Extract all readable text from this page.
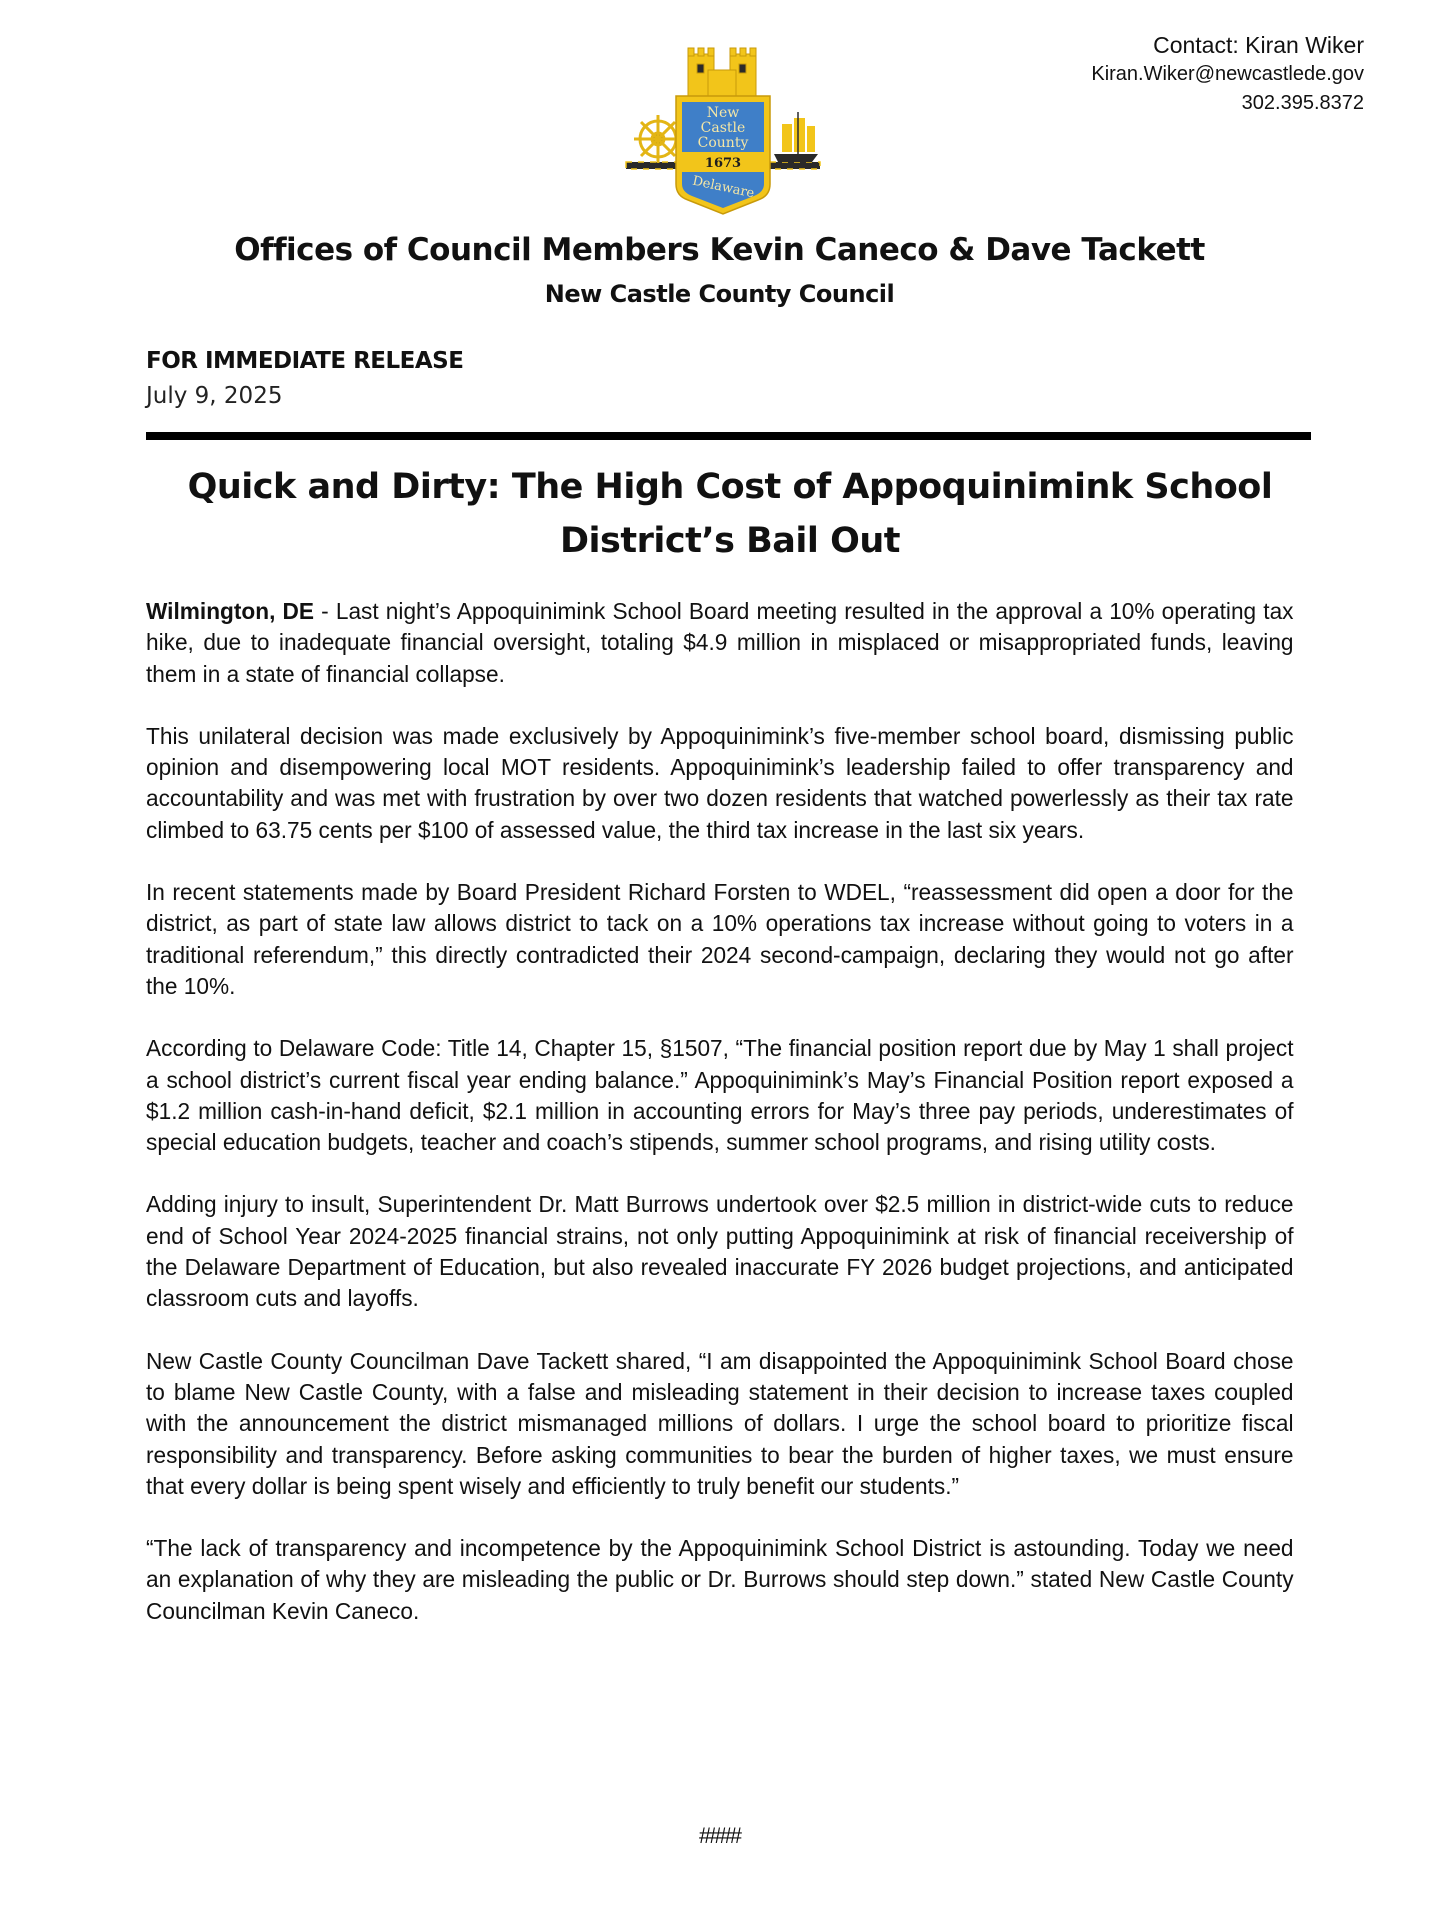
Contact: Kiran Wiker
Kiran.Wiker@newcastlede.gov
302.395.8372
New
Castle
County
1673
Delaware
Offices of Council Members Kevin Caneco & Dave Tackett
New Castle County Council
FOR IMMEDIATE RELEASE
July 9, 2025
Quick and Dirty: The High Cost of Appoquinimink School
District’s Bail Out

Wilmington, DE - Last night’s Appoquinimink School Board meeting resulted in the approval a 10% operating tax hike, due to inadequate financial oversight, totaling $4.9 million in misplaced or misappropriated funds, leaving them in a state of financial collapse.

This unilateral decision was made exclusively by Appoquinimink’s five-member school board, dismissing public opinion and disempowering local MOT residents. Appoquinimink’s leadership failed to offer transparency and accountability and was met with frustration by over two dozen residents that watched powerlessly as their tax rate climbed to 63.75 cents per $100 of assessed value, the third tax increase in the last six years.

In recent statements made by Board President Richard Forsten to WDEL, “reassessment did open a door for the district, as part of state law allows district to tack on a 10% operations tax increase without going to voters in a traditional referendum,” this directly contradicted their 2024 second-campaign, declaring they would not go after the 10%.

According to Delaware Code: Title 14, Chapter 15, §1507, “The financial position report due by May 1 shall project a school district’s current fiscal year ending balance.” Appoquinimink’s May’s Financial Position report exposed a $1.2 million cash-in-hand deficit, $2.1 million in accounting errors for May’s three pay periods, underestimates of special education budgets, teacher and coach’s stipends, summer school programs, and rising utility costs.

Adding injury to insult, Superintendent Dr. Matt Burrows undertook over $2.5 million in district-wide cuts to reduce end of School Year 2024-2025 financial strains, not only putting Appoquinimink at risk of financial receivership of the Delaware Department of Education, but also revealed inaccurate FY 2026 budget projections, and anticipated classroom cuts and layoffs.

New Castle County Councilman Dave Tackett shared, “I am disappointed the Appoquinimink School Board chose to blame New Castle County, with a false and misleading statement in their decision to increase taxes coupled with the announcement the district mismanaged millions of dollars. I urge the school board to prioritize fiscal responsibility and transparency. Before asking communities to bear the burden of higher taxes, we must ensure that every dollar is being spent wisely and efficiently to truly benefit our students.”

“The lack of transparency and incompetence by the Appoquinimink School District is astounding. Today we need an explanation of why they are misleading the public or Dr. Burrows should step down.” stated New Castle County Councilman Kevin Caneco.

####
